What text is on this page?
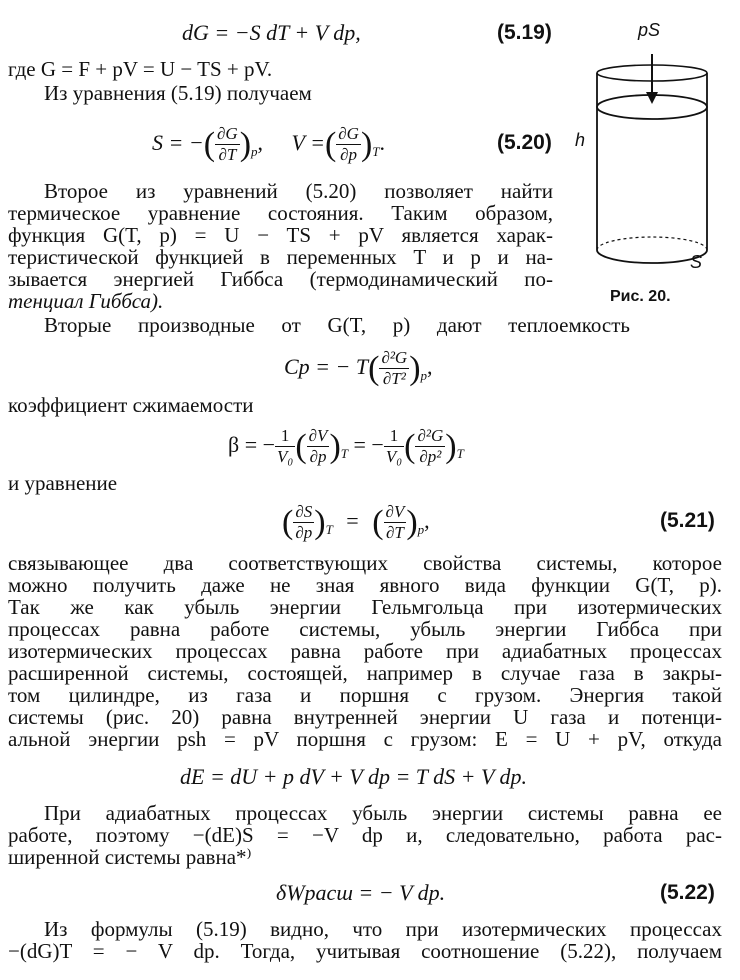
dG = −S dT + V dp,	(5.19)
где G = F + pV = U − TS + pV.
Из уравнения (5.19) получаем
S = −( $\frac{\partial G}{\partial T} )_p$, V =( $\frac{\partial G}{\partial p} )_T$.	(5.20)
Второе из уравнений (5.20) позволяет найти
термическое уравнение состояния. Таким образом,
функция G(T, p) = U − TS + pV является харак-
теристической функцией в переменных T и p и на-
зывается энергией Гиббса (термодинамический по-
тенциал Гиббса).
pS
h
S
Рис. 20.
Вторые производные от G(T, p) дают теплоемкость
Cp = − $T( \frac{\text{∂²G}}{\text{∂T²}} )_p$,
коэффициент сжимаемости
β = − $\frac{1}{\text{V₀}}$ ( $\frac{\partial V}{\partial p} )_T$ = − $\frac{1}{\text{V₀}}$ ( $\frac{\text{∂²G}}{\text{∂p²}} )_T$
и уравнение
( $\frac{\partial S}{\partial p} )_T$ = ( $\frac{\partial V}{\partial T} )_p$,	(5.21)
связывающее два соответствующих свойства системы, которое
можно получить даже не зная явного вида функции G(T, p).
Так же как убыль энергии Гельмгольца при изотермических
процессах равна работе системы, убыль энергии Гиббса при
изотермических процессах равна работе при адиабатных процессах
расширенной системы, состоящей, например в случае газа в закры-
том цилиндре, из газа и поршня с грузом. Энергия такой
системы (рис. 20) равна внутренней энергии U газа и потенци-
альной энергии psh = pV поршня с грузом: E = U + pV, откуда
dE = dU + p dV + V dp = T dS + V dp.
При адиабатных процессах убыль энергии системы равна ее
работе, поэтому −(dE)S = −V dp и, следовательно, работа рас-
ширенной системы равна*⁾
δWрасш = − V dp.	(5.22)
Из формулы (5.19) видно, что при изотермических процессах
−(dG)T = − V dp. Тогда, учитывая соотношение (5.22), получаем
